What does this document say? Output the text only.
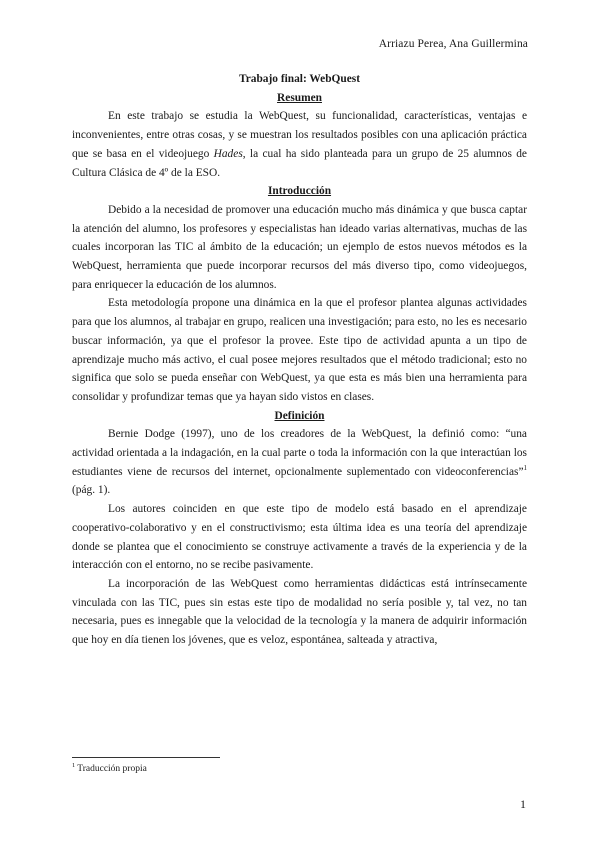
Arriazu Perea, Ana Guillermina

Trabajo final: WebQuest

Resumen

En este trabajo se estudia la WebQuest, su funcionalidad, características, ventajas e inconvenientes, entre otras cosas, y se muestran los resultados posibles con una aplicación práctica que se basa en el videojuego Hades, la cual ha sido planteada para un grupo de 25 alumnos de Cultura Clásica de 4º de la ESO.

Introducción

Debido a la necesidad de promover una educación mucho más dinámica y que busca captar la atención del alumno, los profesores y especialistas han ideado varias alternativas, muchas de las cuales incorporan las TIC al ámbito de la educación; un ejemplo de estos nuevos métodos es la WebQuest, herramienta que puede incorporar recursos del más diverso tipo, como videojuegos, para enriquecer la educación de los alumnos.

Esta metodología propone una dinámica en la que el profesor plantea algunas actividades para que los alumnos, al trabajar en grupo, realicen una investigación; para esto, no les es necesario buscar información, ya que el profesor la provee. Este tipo de actividad apunta a un tipo de aprendizaje mucho más activo, el cual posee mejores resultados que el método tradicional; esto no significa que solo se pueda enseñar con WebQuest, ya que esta es más bien una herramienta para consolidar y profundizar temas que ya hayan sido vistos en clases.

Definición

Bernie Dodge (1997), uno de los creadores de la WebQuest, la definió como: “una actividad orientada a la indagación, en la cual parte o toda la información con la que interactúan los estudiantes viene de recursos del internet, opcionalmente suplementado con videoconferencias”$^1$ (pág. 1).

Los autores coinciden en que este tipo de modelo está basado en el aprendizaje cooperativo-colaborativo y en el constructivismo; esta última idea es una teoría del aprendizaje donde se plantea que el conocimiento se construye activamente a través de la experiencia y de la interacción con el entorno, no se recibe pasivamente.

La incorporación de las WebQuest como herramientas didácticas está intrínsecamente vinculada con las TIC, pues sin estas este tipo de modalidad no sería posible y, tal vez, no tan necesaria, pues es innegable que la velocidad de la tecnología y la manera de adquirir información que hoy en día tienen los jóvenes, que es veloz, espontánea, salteada y atractiva,

$^1$ Traducción propia
1
